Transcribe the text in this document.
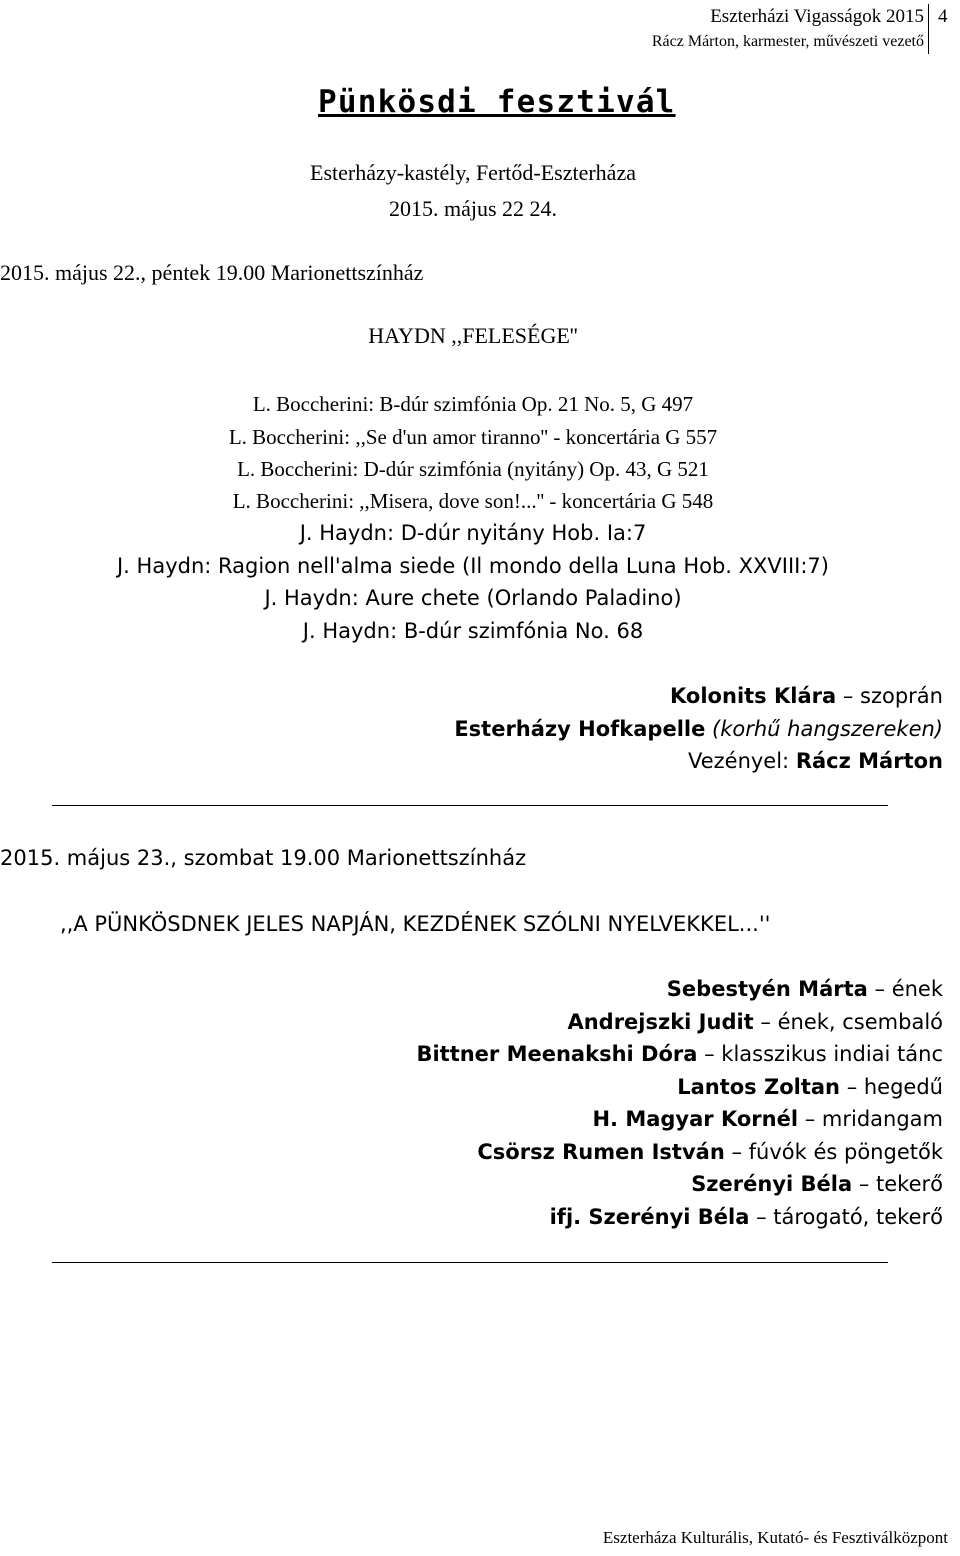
Eszterházi Vigasságok 2015
Rácz Márton, karmester, művészeti vezető
4
Pünkösdi fesztivál
Esterházy-kastély, Fertőd-Eszterháza
2015. május 22 24.
2015. május 22., péntek 19.00 Marionettszínház
HAYDN ,,FELESÉGE''
L. Boccherini: B-dúr szimfónia Op. 21 No. 5, G 497
L. Boccherini: ,,Se d'un amor tiranno'' - koncertária G 557
L. Boccherini: D-dúr szimfónia (nyitány) Op. 43, G 521
L. Boccherini: ,,Misera, dove son!...'' - koncertária G 548
J. Haydn: D-dúr nyitány Hob. Ia:7
J. Haydn: Ragion nell'alma siede (Il mondo della Luna Hob. XXVIII:7)
J. Haydn: Aure chete (Orlando Paladino)
J. Haydn: B-dúr szimfónia No. 68
Kolonits Klára – szoprán
Esterházy Hofkapelle (korhű hangszereken)
Vezényel: Rácz Márton
2015. május 23., szombat 19.00 Marionettszínház
,,A PÜNKÖSDNEK JELES NAPJÁN, KEZDÉNEK SZÓLNI NYELVEKKEL...''
Sebestyén Márta – ének
Andrejszki Judit – ének, csembaló
Bittner Meenakshi Dóra – klasszikus indiai tánc
Lantos Zoltan – hegedű
H. Magyar Kornél – mridangam
Csörsz Rumen István – fúvók és pöngetők
Szerényi Béla – tekerő
ifj. Szerényi Béla – tárogató, tekerő
Eszterháza Kulturális, Kutató- és Fesztiválközpont
